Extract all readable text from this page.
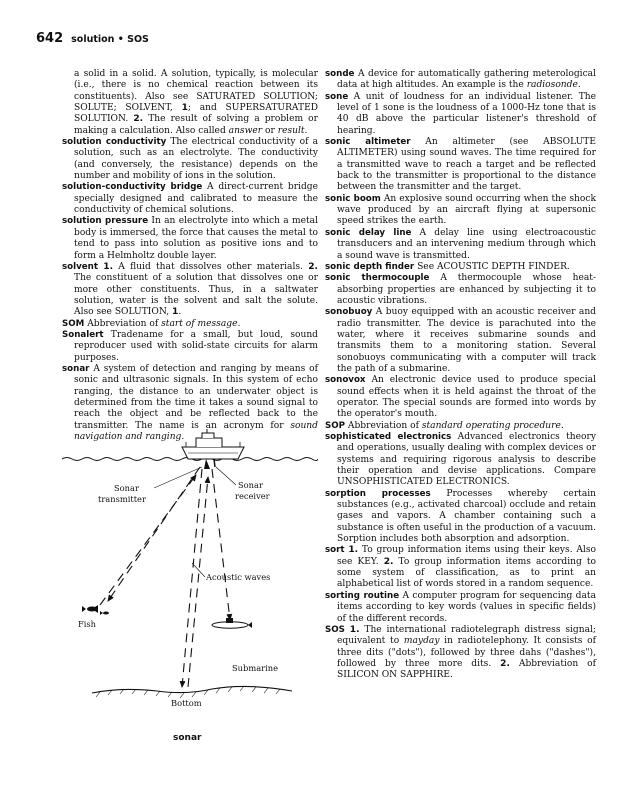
642 solution • SOS
a solid in a solid. A solution, typically, is molecular (i.e., there is no chemical reaction between its constituents). Also see SATURATED SOLUTION; SOLUTE; SOLVENT, 1; and SUPERSATURATED SOLUTION. 2. The result of solving a problem or making a calculation. Also called answer or result.
solution conductivity The electrical conductivity of a solution, such as an electrolyte. The conductivity (and conversely, the resistance) depends on the number and mobility of ions in the solution.
solution-conductivity bridge A direct-current bridge specially designed and calibrated to measure the conductivity of chemical solutions.
solution pressure In an electrolyte into which a metal body is immersed, the force that causes the metal to tend to pass into solution as positive ions and to form a Helmholtz double layer.
solvent 1. A fluid that dissolves other materials. 2. The constituent of a solution that dissolves one or more other constituents. Thus, in a saltwater solution, water is the solvent and salt the solute. Also see SOLUTION, 1.
SOM Abbreviation of start of message.
Sonalert Tradename for a small, but loud, sound reproducer used with solid-state circuits for alarm purposes.
sonar A system of detection and ranging by means of sonic and ultrasonic signals. In this system of echo ranging, the distance to an underwater object is determined from the time it takes a sound signal to reach the object and be reflected back to the transmitter. The name is an acronym for sound navigation and ranging.
sonde A device for automatically gathering meterological data at high altitudes. An example is the radiosonde.
sone A unit of loudness for an individual listener. The level of 1 sone is the loudness of a 1000-Hz tone that is 40 dB above the particular listener's threshold of hearing.
sonic altimeter An altimeter (see ABSOLUTE ALTIMETER) using sound waves. The time required for a transmitted wave to reach a target and be reflected back to the transmitter is proportional to the distance between the transmitter and the target.
sonic boom An explosive sound occurring when the shock wave produced by an aircraft flying at supersonic speed strikes the earth.
sonic delay line A delay line using electroacoustic transducers and an intervening medium through which a sound wave is transmitted.
sonic depth finder See ACOUSTIC DEPTH FINDER.
sonic thermocouple A thermocouple whose heat-absorbing properties are enhanced by subjecting it to acoustic vibrations.
sonobuoy A buoy equipped with an acoustic receiver and radio transmitter. The device is parachuted into the water, where it receives submarine sounds and transmits them to a monitoring station. Several sonobuoys communicating with a computer will track the path of a submarine.
sonovox An electronic device used to produce special sound effects when it is held against the throat of the operator. The special sounds are formed into words by the operator's mouth.
SOP Abbreviation of standard operating procedure.
sophisticated electronics Advanced electronics theory and operations, usually dealing with complex devices or systems and requiring rigorous analysis to describe their operation and devise applications. Compare UNSOPHISTICATED ELECTRONICS.
sorption processes Processes whereby certain substances (e.g., activated charcoal) occlude and retain gases and vapors. A chamber containing such a substance is often useful in the production of a vacuum. Sorption includes both absorption and adsorption.
sort 1. To group information items using their keys. Also see KEY. 2. To group information items according to some system of classification, as to print an alphabetical list of words stored in a random sequence.
sorting routine A computer program for sequencing data items according to key words (values in specific fields) of the different records.
SOS 1. The international radiotelegraph distress signal; equivalent to mayday in radiotelephony. It consists of three dits ("dots"), followed by three dahs ("dashes"), followed by three more dits. 2. Abbreviation of SILICON ON SAPPHIRE.
Sonar
transmitter
Sonar
receiver
Acoustic waves
Fish
Submarine
Bottom
sonar
